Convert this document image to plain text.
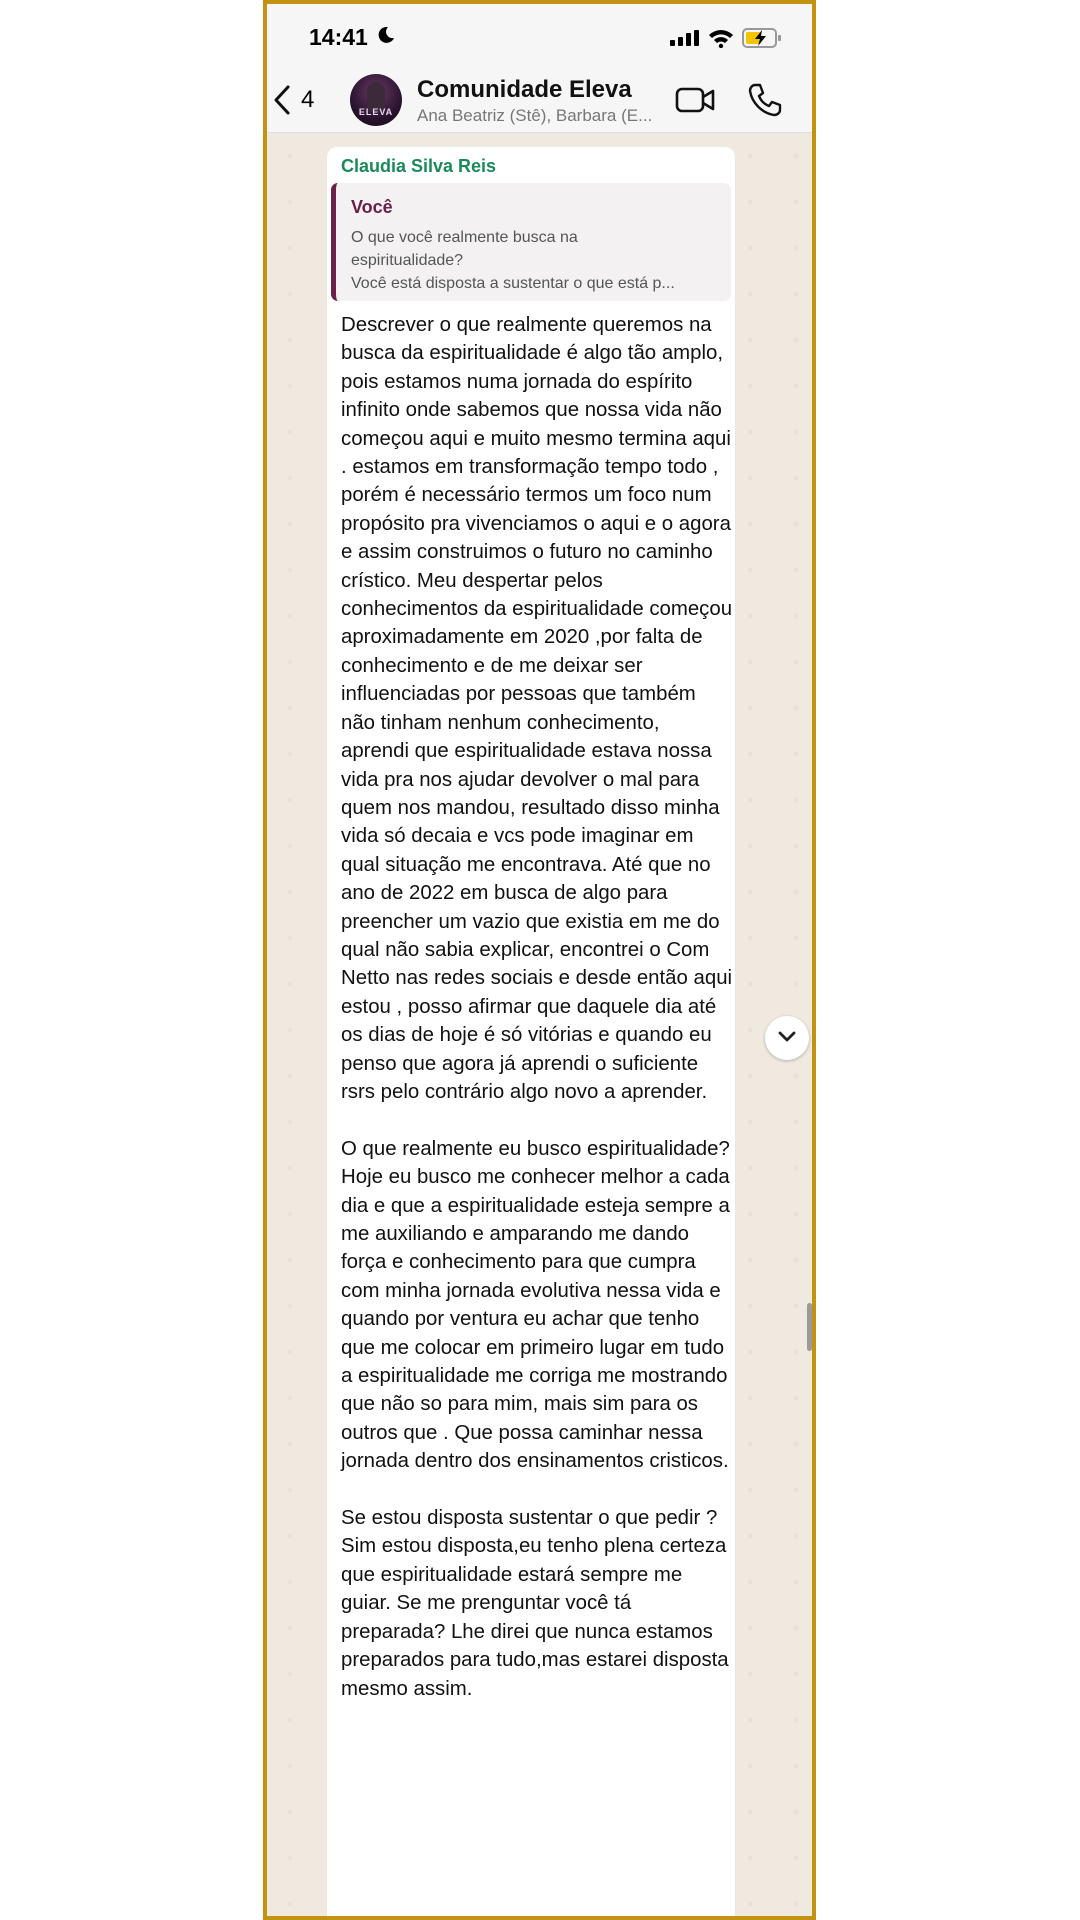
14:41
4	ELEVA
Comunidade Eleva
Ana Beatriz (Stê), Barbara (E...
Claudia Silva Reis
Você
O que você realmente busca na
espiritualidade?
Você está disposta a sustentar o que está p...
Descrever o que realmente queremos na busca da espiritualidade é algo tão amplo, pois estamos numa jornada do espírito infinito onde sabemos que nossa vida não começou aqui e muito mesmo termina aqui . estamos em transformação tempo todo , porém é necessário termos um foco num propósito pra vivenciamos o aqui e o agora e assim construimos o futuro no caminho crístico. Meu despertar pelos conhecimentos da espiritualidade começou aproximadamente em 2020 ,por falta de conhecimento e de me deixar ser influenciadas por pessoas que também não tinham nenhum conhecimento, aprendi que espiritualidade estava nossa vida pra nos ajudar devolver o mal para quem nos mandou, resultado disso minha vida só decaia e vcs pode imaginar em qual situação me encontrava. Até que no ano de 2022 em busca de algo para preencher um vazio que existia em me do qual não sabia explicar, encontrei o Com Netto nas redes sociais e desde então aqui estou , posso afirmar que daquele dia até os dias de hoje é só vitórias e quando eu penso que agora já aprendi o suficiente rsrs pelo contrário algo novo a aprender.

O que realmente eu busco espiritualidade? Hoje eu busco me conhecer melhor a cada dia e que a espiritualidade esteja sempre a me auxiliando e amparando me dando força e conhecimento para que cumpra com minha jornada evolutiva nessa vida e quando por ventura eu achar que tenho que me colocar em primeiro lugar em tudo a espiritualidade me corriga me mostrando que não so para mim, mais sim para os outros que . Que possa caminhar nessa jornada dentro dos ensinamentos cristicos.

Se estou disposta sustentar o que pedir ? Sim estou disposta,eu tenho plena certeza que espiritualidade estará sempre me guiar. Se me prenguntar você tá preparada? Lhe direi que nunca estamos preparados para tudo,mas estarei disposta mesmo assim.
